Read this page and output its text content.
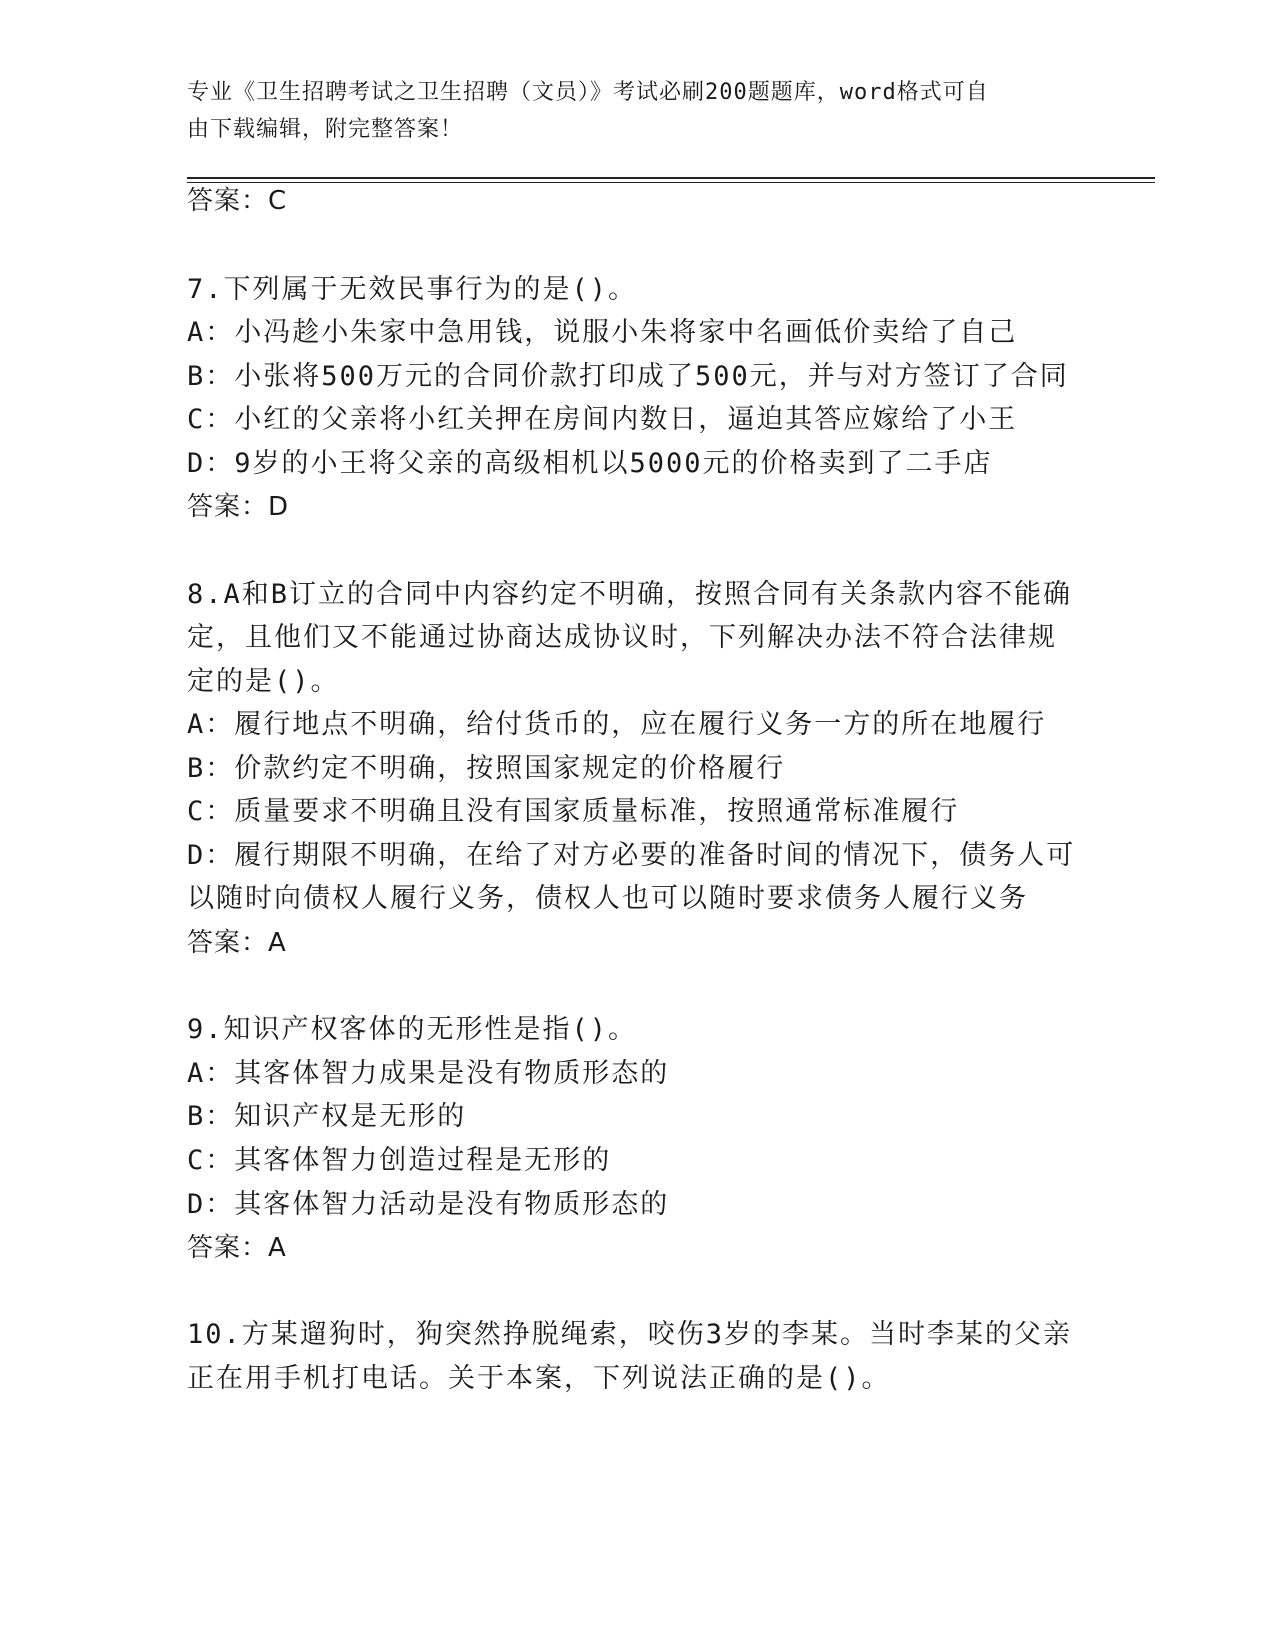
专业《卫生招聘考试之卫生招聘（文员）》考试必刷200题题库，word格式可自
由下载编辑，附完整答案！
答案：C
7.下列属于无效民事行为的是()。
A：小冯趁小朱家中急用钱，说服小朱将家中名画低价卖给了自己
B：小张将500万元的合同价款打印成了500元，并与对方签订了合同
C：小红的父亲将小红关押在房间内数日，逼迫其答应嫁给了小王
D：9岁的小王将父亲的高级相机以5000元的价格卖到了二手店
答案：D
8.A和B订立的合同中内容约定不明确，按照合同有关条款内容不能确
定，且他们又不能通过协商达成协议时，下列解决办法不符合法律规
定的是()。
A：履行地点不明确，给付货币的，应在履行义务一方的所在地履行
B：价款约定不明确，按照国家规定的价格履行
C：质量要求不明确且没有国家质量标准，按照通常标准履行
D：履行期限不明确，在给了对方必要的准备时间的情况下，债务人可
以随时向债权人履行义务，债权人也可以随时要求债务人履行义务
答案：A
9.知识产权客体的无形性是指()。
A：其客体智力成果是没有物质形态的
B：知识产权是无形的
C：其客体智力创造过程是无形的
D：其客体智力活动是没有物质形态的
答案：A
10.方某遛狗时，狗突然挣脱绳索，咬伤3岁的李某。当时李某的父亲
正在用手机打电话。关于本案，下列说法正确的是()。
